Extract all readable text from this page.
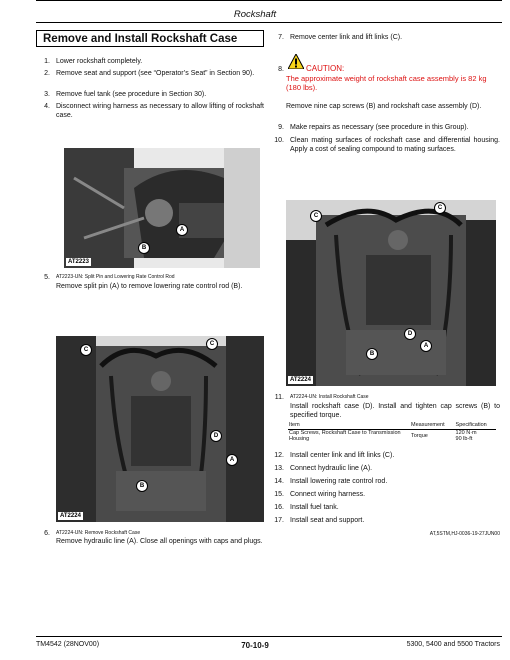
Rockshaft
Remove and Install Rockshaft Case
1. Lower rockshaft completely.
2. Remove seat and support (see “Operator’s Seat” in Section 90).
3. Remove fuel tank (see procedure in Section 30).
4. Disconnect wiring harness as necessary to allow lifting of rockshaft case.
AT2223
A
B
5. AT2223-UN: Split Pin and Lowering Rate Control Rod
Remove split pin (A) to remove lowering rate control rod (B).
AT2224
C
C
D
A
B
6. AT2224-UN: Remove Rockshaft Case
Remove hydraulic line (A). Close all openings with caps and plugs.
7. Remove center link and lift links (C).
8.	CAUTION:
The approximate weight of rockshaft case assembly is 82 kg (180 lbs).
Remove nine cap screws (B) and rockshaft case assembly (D).
9. Make repairs as necessary (see procedure in this Group).
10. Clean mating surfaces of rockshaft case and differential housing. Apply a cost of sealing compound to mating surfaces.
AT2224
C
C
D
A
B
11. AT2224-UN: Install Rockshaft Case
Install rockshaft case (D). Install and tighten cap screws (B) to specified torque.
Item	Measurement	Specification
Cap Screws, Rockshaft Case to Transmission Housing	Torque	120 N·m
90 lb-ft
12. Install center link and lift links (C).
13. Connect hydraulic line (A).
14. Install lowering rate control rod.
15. Connect wiring harness.
16. Install fuel tank.
17. Install seat and support.
AT,5STM,HJ-0036-19-27JUN00
TM4542 (28NOV00)	70-10-9	5300, 5400 and 5500 Tractors
